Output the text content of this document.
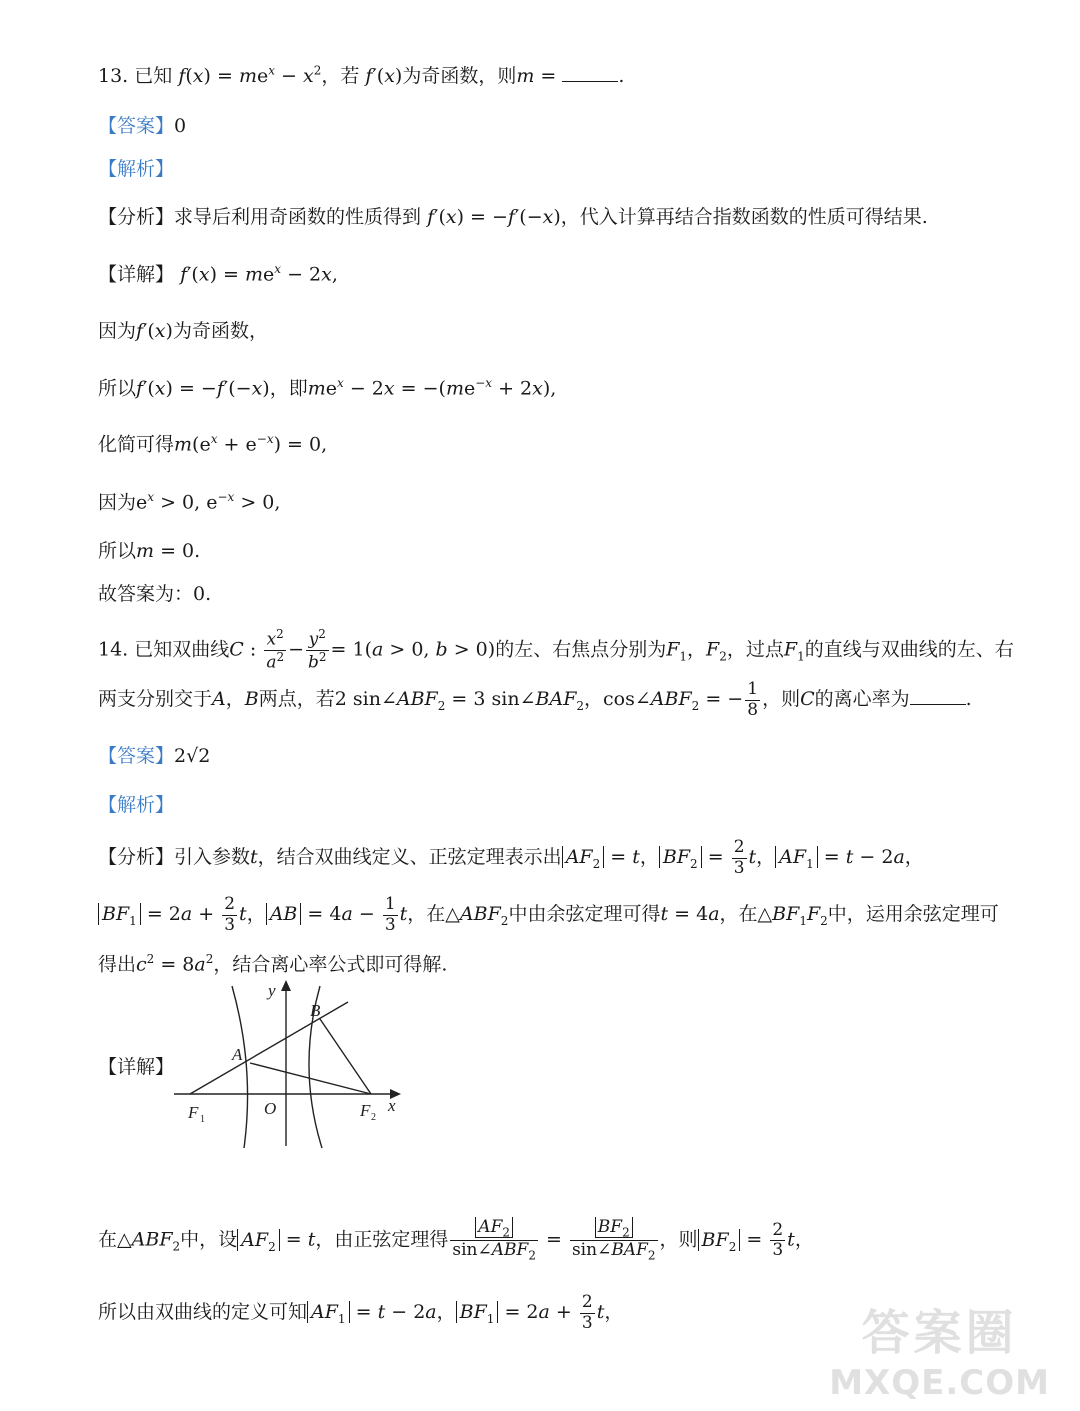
13. 已知 $f(x) = me^x - x^2$，若 f′(x)为奇函数，则m =	.
【答案】0
【解析】
【分析】求导后利用奇函数的性质得到 f′(x) = −f′(−x)，代入计算再结合指数函数的性质可得结果.
【详解】 $f'(x) = me^x - 2x$,
因为f′(x)为奇函数，
所以f′(x) = −f′(−x)，即$me^x - 2x = -(me^{-x} + 2x)$,
化简可得$m(e^x + e^{-x}) = 0$,
因为$e^x > 0$, $e^{-x} > 0$,
所以m = 0.
故答案为：0.
14. 已知双曲线C : $\frac{x^2}{a^2} - \frac{y^2}{b^2} = 1(a > 0$, b > 0)的左、右焦点分别为$F_1$，$F_2$，过点$F_1$的直线与双曲线的左、右
两支分别交于A，B两点，若2 $\sin\angle ABF_2 = 3$ $\sin\angle BAF_2$，$\cos\angle ABF_2$ = − $\frac{1}{8}$ ，则C的离心率为	.
【答案】2√2
【解析】
【分析】引入参数t，结合双曲线定义、正弦定理表示出 $AF_2 = t$， $BF_2 = \frac{2}{3}$ t， $AF_1 = t - 2a$，
$BF_1 = 2a + \frac{2}{3}$ t， AB = $4a - \frac{1}{3}$ t，在$\triangle ABF_2$中由余弦定理可得t = 4a，在$\triangle BF_1F_2$中，运用余弦定理可
得出$c^2 = 8a^2$，结合离心率公式即可得解.
【详解】
y
x
O
B
A
F	F
1	2
在$\triangle ABF_2$中，设 $AF_2 = t$，由正弦定理得 $\frac{AF_2}{\sin\angle ABF_2} = \frac{BF_2}{\sin\angle BAF_2}$ ，则 $BF_2 = \frac{2}{3}$ t，
所以由双曲线的定义可知 $AF_1 = t - 2a$， $BF_1 = 2a + \frac{2}{3}$ t，	答案圈
MXQE.COM
